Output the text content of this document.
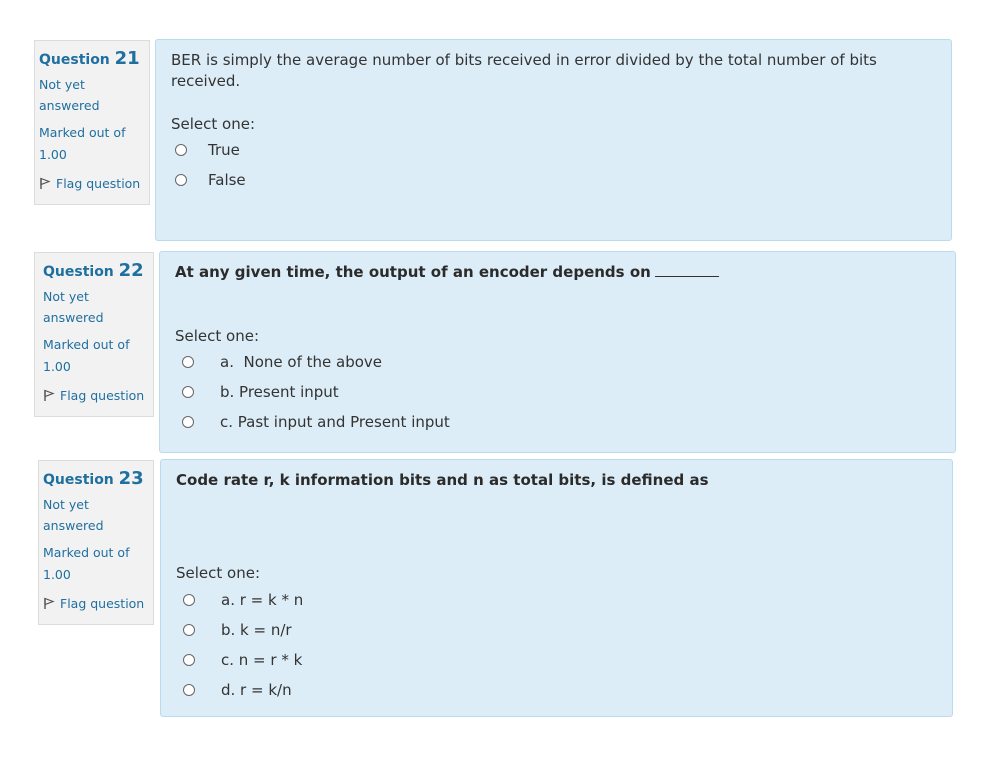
Question 21
Not yet
answered
Marked out of
1.00
Flag question
BER is simply the average number of bits received in error divided by the total number of bits received.
Select one:
True
False
Question 22
Not yet
answered
Marked out of
1.00
Flag question
At any given time, the output of an encoder depends on
Select one:
a.  None of the above
b. Present input
c. Past input and Present input
Question 23
Not yet
answered
Marked out of
1.00
Flag question
Code rate r, k information bits and n as total bits, is defined as
Select one:
a. r = k * n
b. k = n/r
c. n = r * k
d. r = k/n
